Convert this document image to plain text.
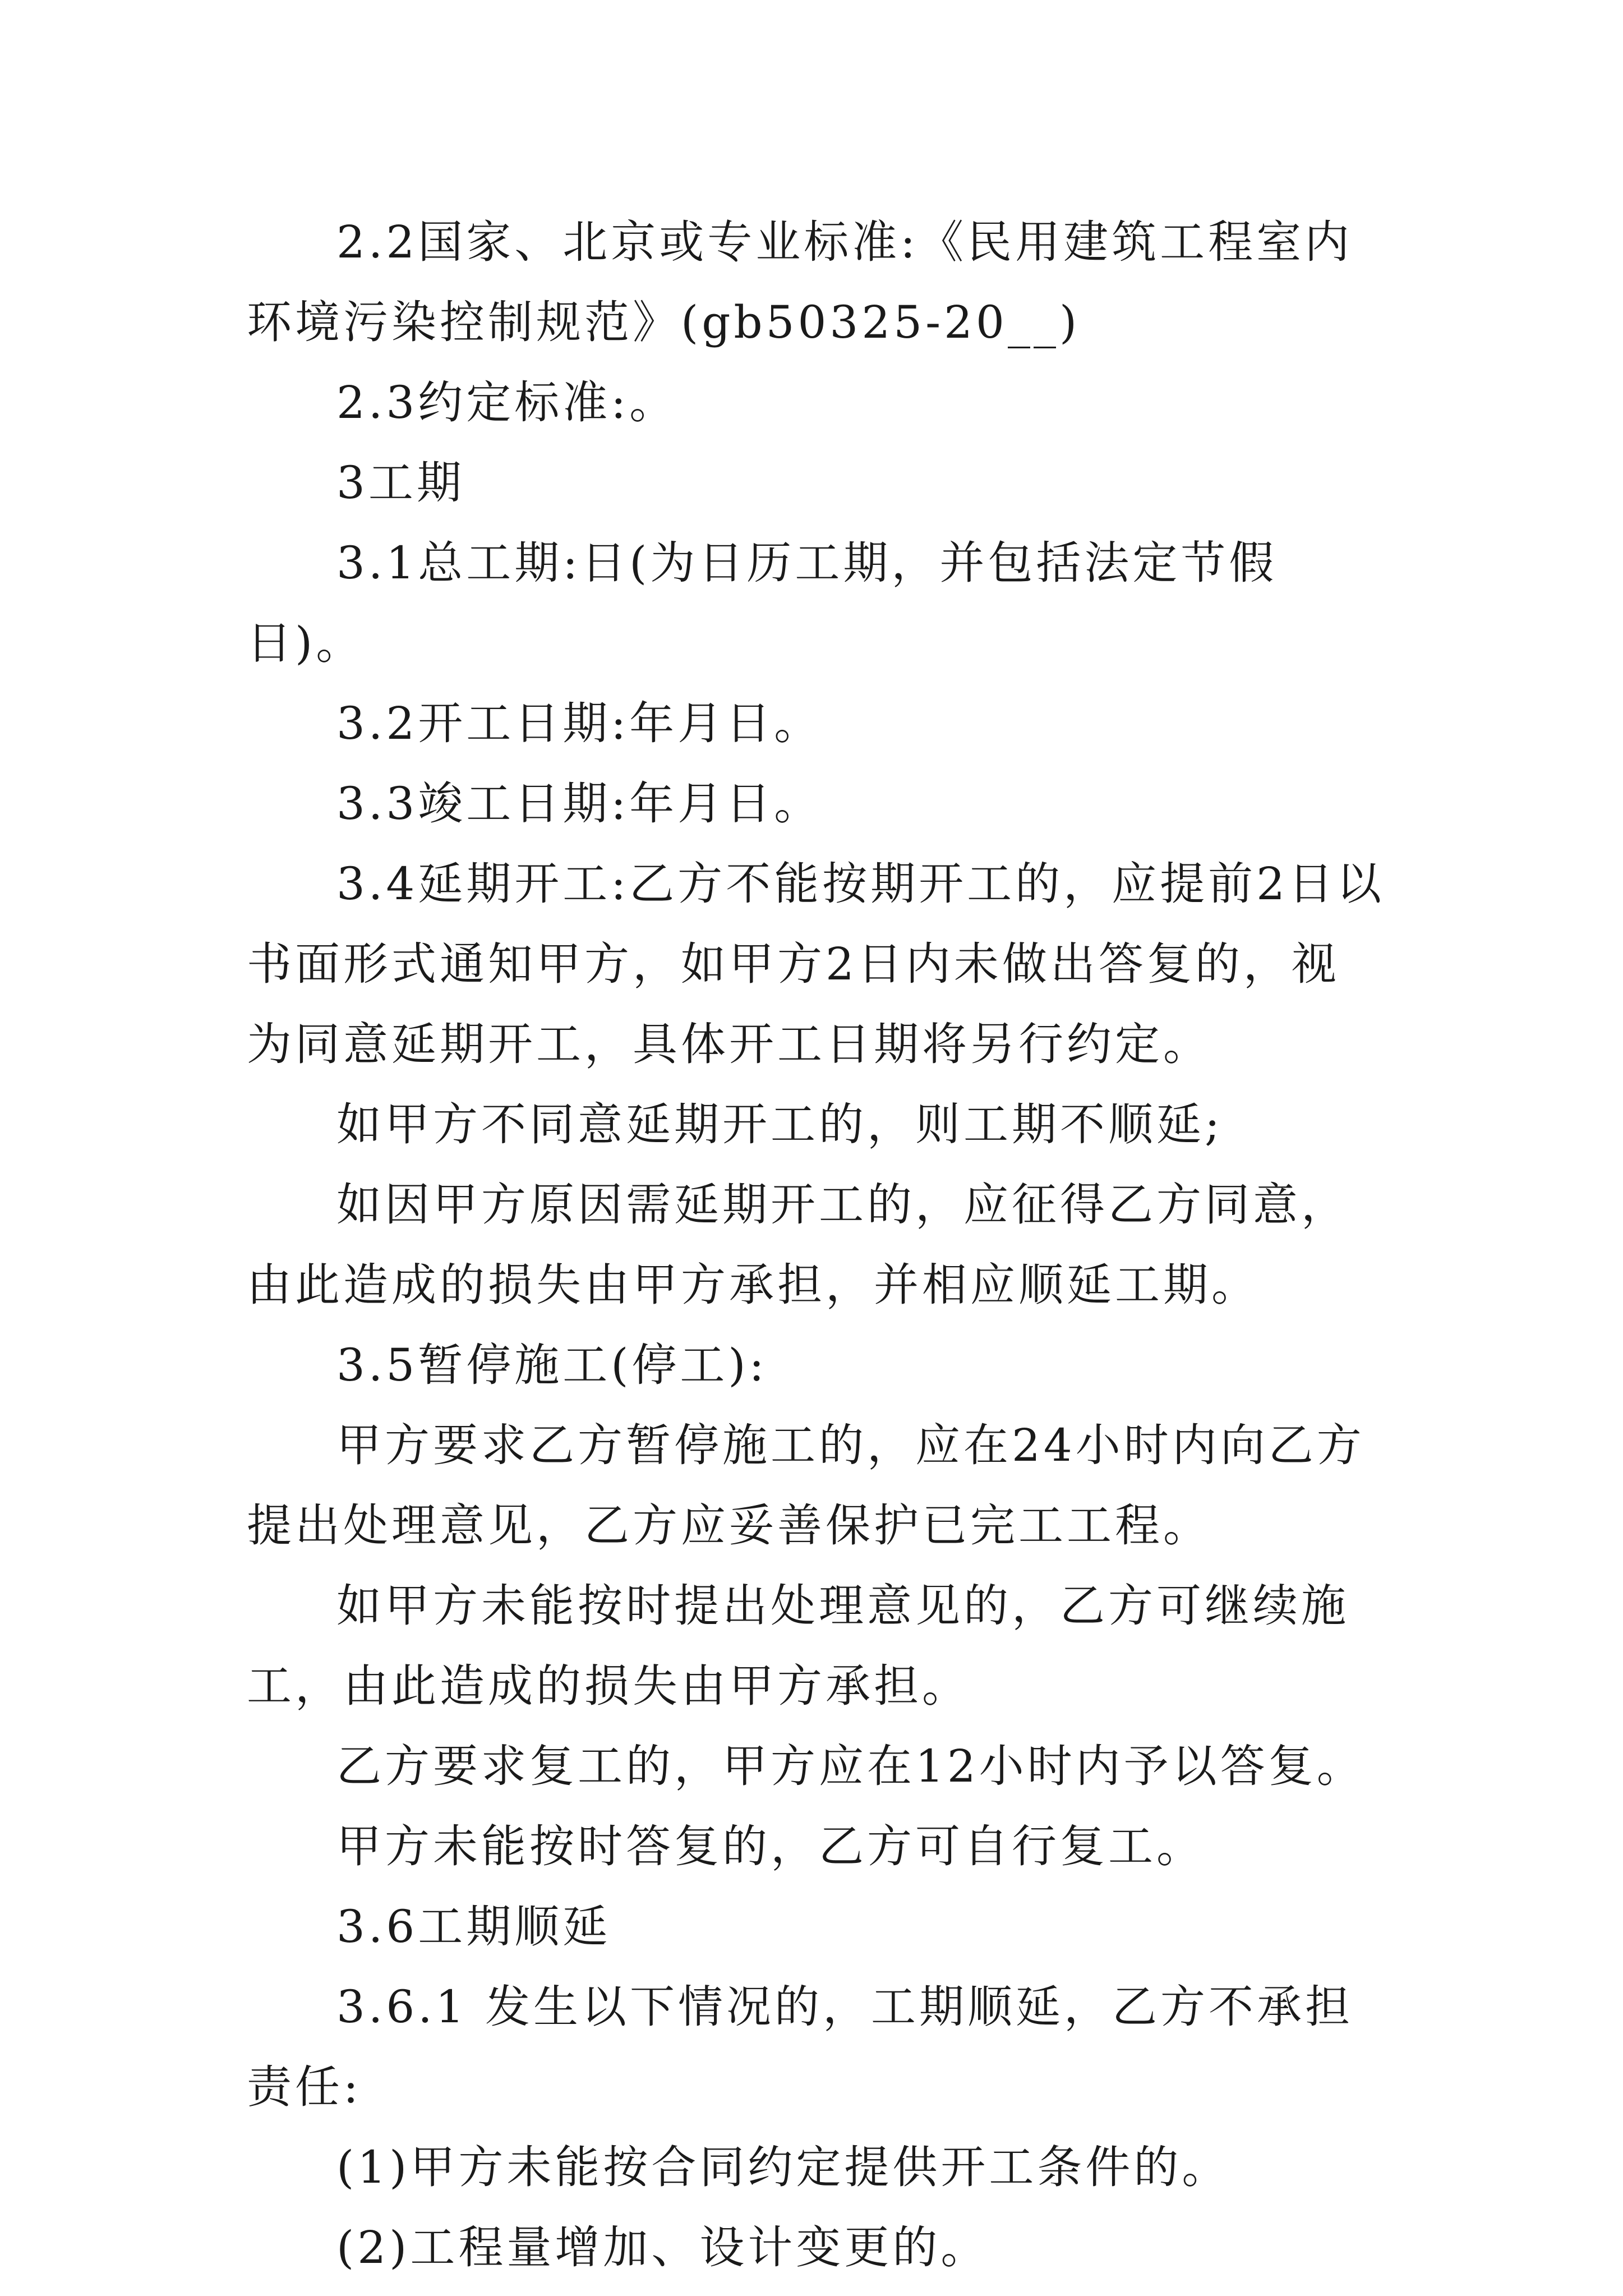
2.2国家、北京或专业标准:《民用建筑工程室内环境污染控制规范》(gb50325-20__)

2.3约定标准:。

3工期

3.1总工期:日(为日历工期，并包括法定节假日)。

3.2开工日期:年月日。

3.3竣工日期:年月日。

3.4延期开工:乙方不能按期开工的，应提前2日以书面形式通知甲方，如甲方2日内未做出答复的，视为同意延期开工，具体开工日期将另行约定。

如甲方不同意延期开工的，则工期不顺延;

如因甲方原因需延期开工的，应征得乙方同意，由此造成的损失由甲方承担，并相应顺延工期。

3.5暂停施工(停工):

甲方要求乙方暂停施工的，应在24小时内向乙方提出处理意见，乙方应妥善保护已完工工程。

如甲方未能按时提出处理意见的，乙方可继续施工，由此造成的损失由甲方承担。

乙方要求复工的，甲方应在12小时内予以答复。

甲方未能按时答复的，乙方可自行复工。

3.6工期顺延

3.6.1 发生以下情况的，工期顺延，乙方不承担责任:

(1)甲方未能按合同约定提供开工条件的。

(2)工程量增加、设计变更的。
